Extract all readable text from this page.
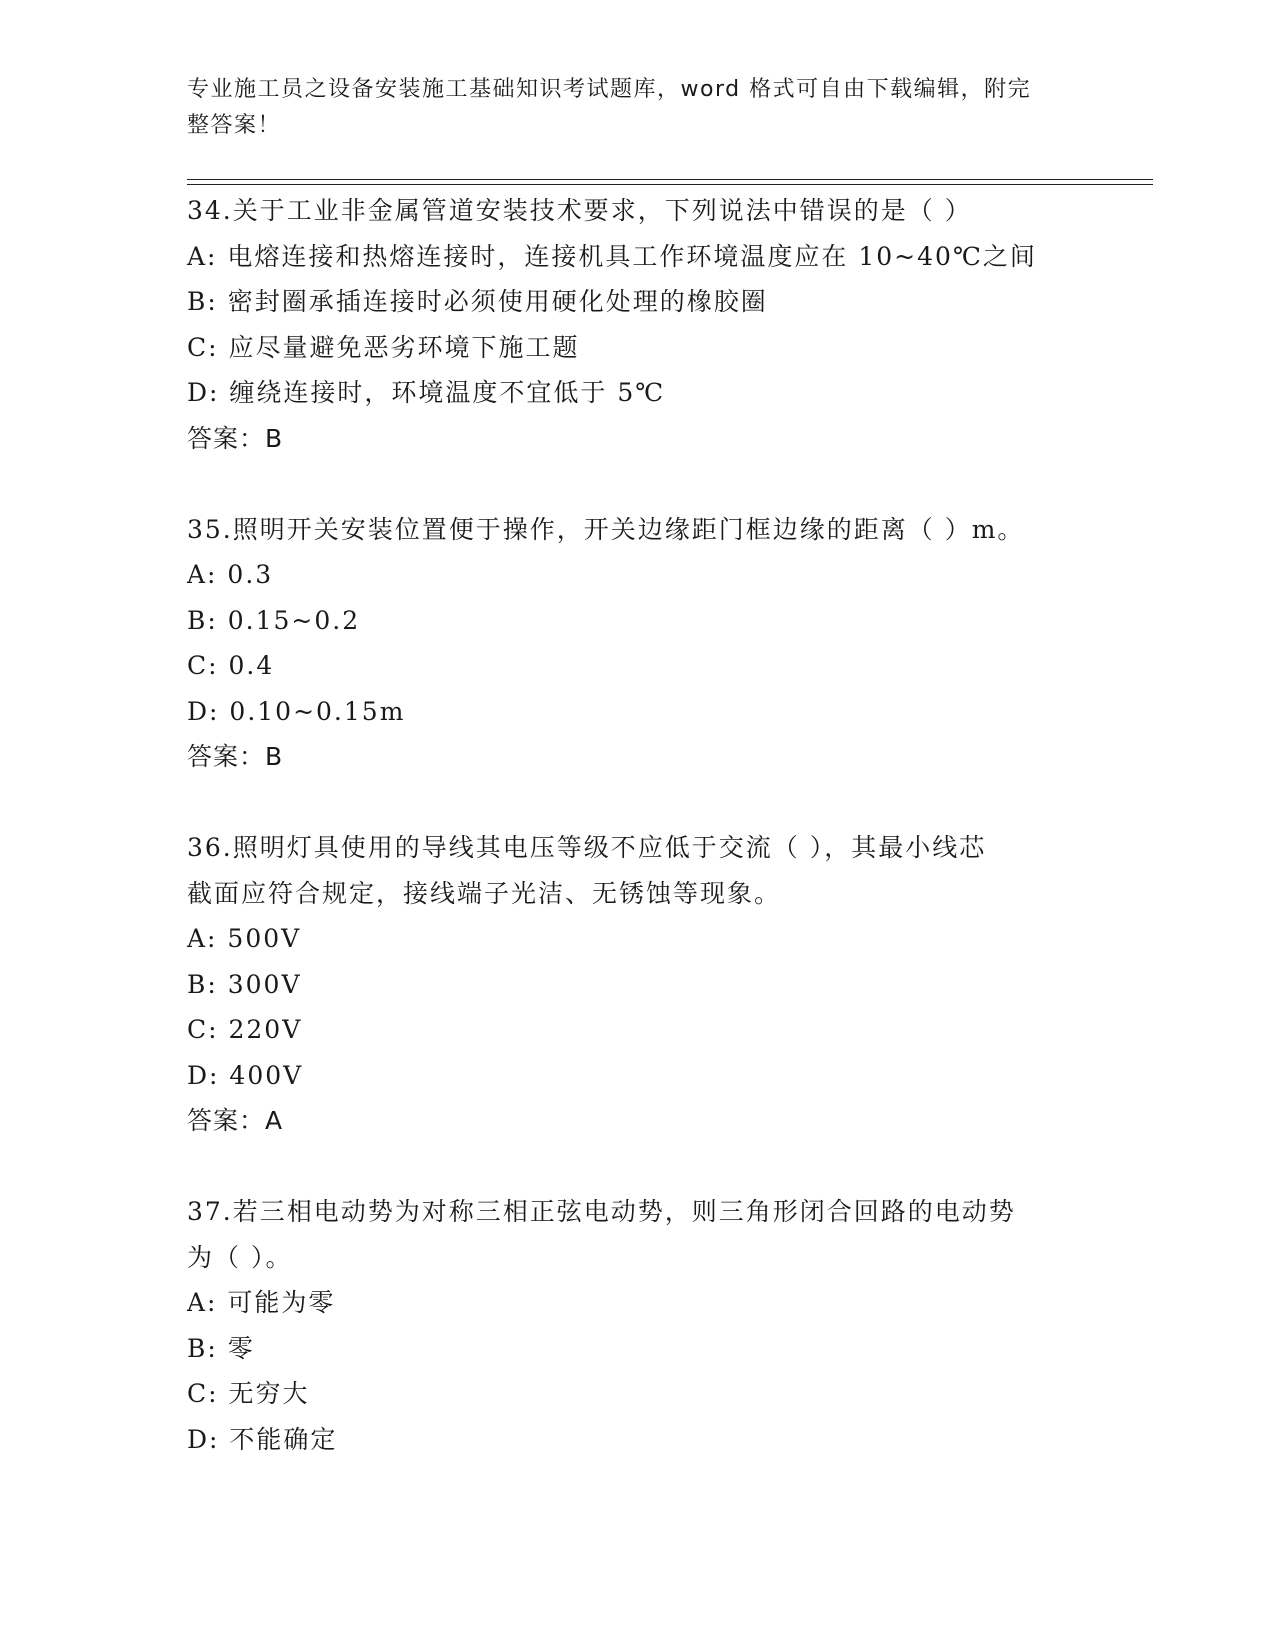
专业施工员之设备安装施工基础知识考试题库，word 格式可自由下载编辑，附完
整答案！
34.关于工业非金属管道安装技术要求，下列说法中错误的是（ ）
A: 电熔连接和热熔连接时，连接机具工作环境温度应在 10~40℃之间
B: 密封圈承插连接时必须使用硬化处理的橡胶圈
C: 应尽量避免恶劣环境下施工题
D: 缠绕连接时，环境温度不宜低于 5℃
答案：B
35.照明开关安装位置便于操作，开关边缘距门框边缘的距离（ ）m。
A: 0.3
B: 0.15~0.2
C: 0.4
D: 0.10~0.15m
答案：B
36.照明灯具使用的导线其电压等级不应低于交流（ ），其最小线芯
截面应符合规定，接线端子光洁、无锈蚀等现象。
A: 500V
B: 300V
C: 220V
D: 400V
答案：A
37.若三相电动势为对称三相正弦电动势，则三角形闭合回路的电动势
为（ ）。
A: 可能为零
B: 零
C: 无穷大
D: 不能确定
